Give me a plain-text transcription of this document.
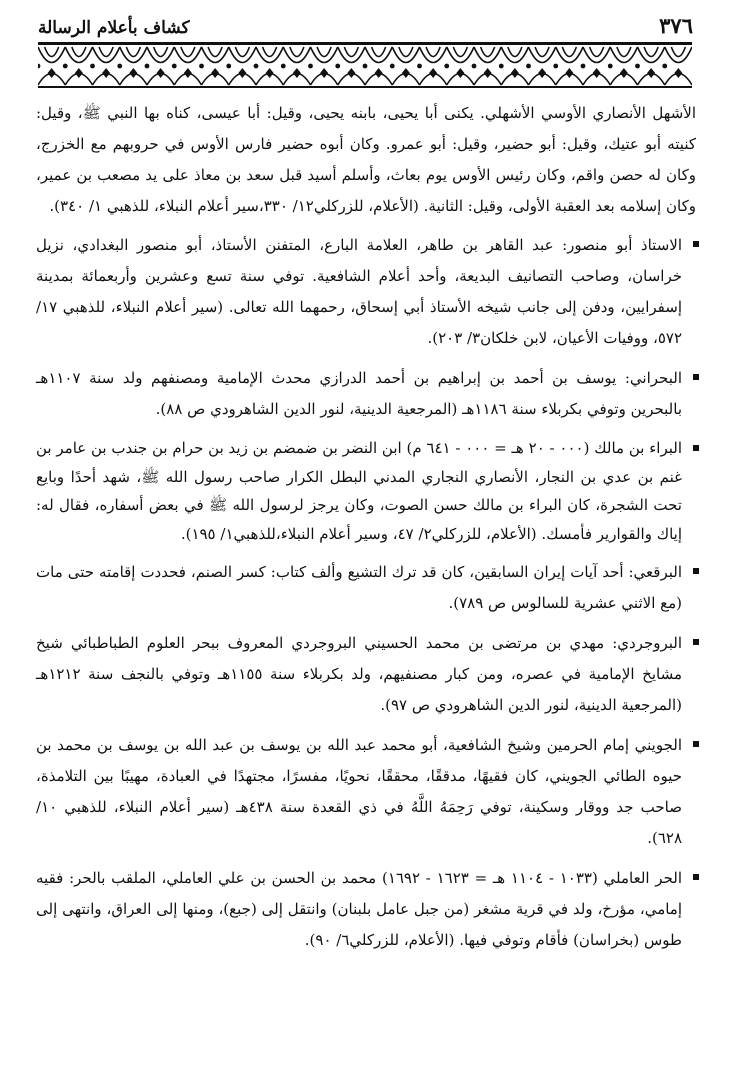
٣٧٦
كشاف بأعلام الرسالة

الأشهل الأنصاري الأوسي الأشهلي. يكنى أبا يحيى، بابنه يحيى، وقيل: أبا عيسى، كناه بها النبي ﷺ، وقيل: كنيته أبو عتيك، وقيل: أبو حضير، وقيل: أبو عمرو. وكان أبوه حضير فارس الأوس في حروبهم مع الخزرج، وكان له حصن واقم، وكان رئيس الأوس يوم بعاث، وأسلم أسيد قبل سعد بن معاذ على يد مصعب بن عمير، وكان إسلامه بعد العقبة الأولى، وقيل: الثانية. (الأعلام، للزركلي١٢/ ٣٣٠،سير أعلام النبلاء، للذهبي ١/ ٣٤٠).

الاستاذ أبو منصور: عبد القاهر بن طاهر، العلامة البارع، المتفنن الأستاذ، أبو منصور البغدادي، نزيل خراسان، وصاحب التصانيف البديعة، وأحد أعلام الشافعية. توفي سنة تسع وعشرين وأربعمائة بمدينة إسفرايين، ودفن إلى جانب شيخه الأستاذ أبي إسحاق، رحمهما الله تعالى. (سير أعلام النبلاء، للذهبي ١٧/ ٥٧٢، ووفيات الأعيان، لابن خلكان٣/ ٢٠٣).

البحراني: يوسف بن أحمد بن إبراهيم بن أحمد الدرازي محدث الإمامية ومصنفهم ولد سنة ١١٠٧هـ بالبحرين وتوفي بكربلاء سنة ١١٨٦هـ (المرجعية الدينية، لنور الدين الشاهرودي ص ٨٨).

البراء بن مالك (٠٠٠ - ٢٠ هـ = ٠٠٠ - ٦٤١ م) ابن النضر بن ضمضم بن زيد بن حرام بن جندب بن عامر بن غنم بن عدي بن النجار، الأنصاري النجاري المدني البطل الكرار صاحب رسول الله ﷺ، شهد أحدًا وبايع تحت الشجرة، كان البراء بن مالك حسن الصوت، وكان يرجز لرسول الله ﷺ في بعض أسفاره، فقال له: إياك والقوارير فأمسك. (الأعلام، للزركلي٢/ ٤٧، وسير أعلام النبلاء،للذهبي١/ ١٩٥).

البرقعي: أحد آيات إيران السابقين، كان قد ترك التشيع وألف كتاب: كسر الصنم، فحددت إقامته حتى مات (مع الاثني عشرية للسالوس ص ٧٨٩).

البروجردي: مهدي بن مرتضى بن محمد الحسيني البروجردي المعروف ببحر العلوم الطباطبائي شيخ مشايخ الإمامية في عصره، ومن كبار مصنفيهم، ولد بكربلاء سنة ١١٥٥هـ وتوفي بالنجف سنة ١٢١٢هـ (المرجعية الدينية، لنور الدين الشاهرودي ص ٩٧).

الجويني إمام الحرمين وشيخ الشافعية، أبو محمد عبد الله بن يوسف بن عبد الله بن يوسف بن محمد بن حيوه الطائي الجويني، كان فقيهًا، مدققًا، محققًا، نحويًا، مفسرًا، مجتهدًا في العبادة، مهيبًا بين التلامذة، صاحب جد ووقار وسكينة، توفي رَحِمَهُ اللَّهُ في ذي القعدة سنة ٤٣٨هـ (سير أعلام النبلاء، للذهبي ١٠/ ٦٢٨).

الحر العاملي (١٠٣٣ - ١١٠٤ هـ = ١٦٢٣ - ١٦٩٢) محمد بن الحسن بن علي العاملي، الملقب بالحر: فقيه إمامي، مؤرخ، ولد في قرية مشغر (من جبل عامل بلبنان) وانتقل إلى (جبع)، ومنها إلى العراق، وانتهى إلى طوس (بخراسان) فأقام وتوفي فيها. (الأعلام، للزركلي٦/ ٩٠).
